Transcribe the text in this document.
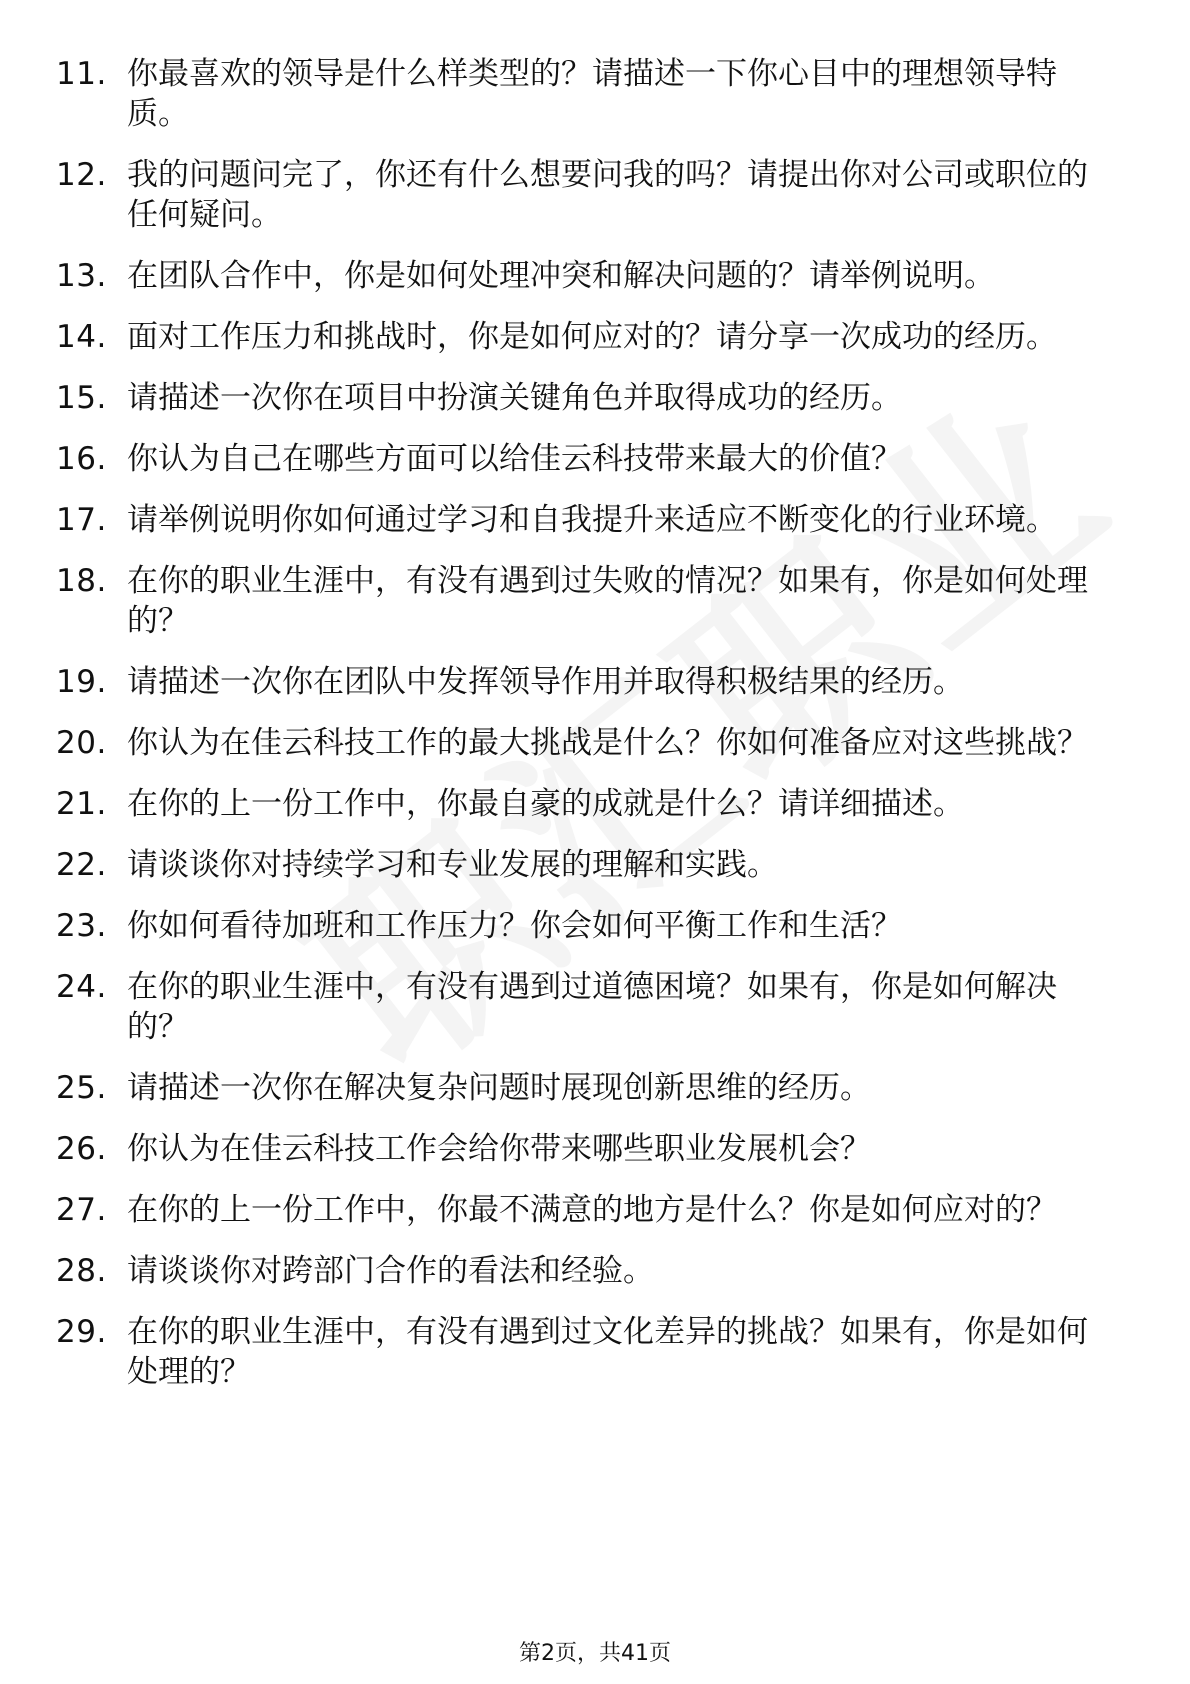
11. 你最喜欢的领导是什么样类型的？请描述一下你心目中的理想领导特质。
12. 我的问题问完了，你还有什么想要问我的吗？请提出你对公司或职位的任何疑问。
13. 在团队合作中，你是如何处理冲突和解决问题的？请举例说明。
14. 面对工作压力和挑战时，你是如何应对的？请分享一次成功的经历。
15. 请描述一次你在项目中扮演关键角色并取得成功的经历。
16. 你认为自己在哪些方面可以给佳云科技带来最大的价值？
17. 请举例说明你如何通过学习和自我提升来适应不断变化的行业环境。
18. 在你的职业生涯中，有没有遇到过失败的情况？如果有，你是如何处理的？
19. 请描述一次你在团队中发挥领导作用并取得积极结果的经历。
20. 你认为在佳云科技工作的最大挑战是什么？你如何准备应对这些挑战？
21. 在你的上一份工作中，你最自豪的成就是什么？请详细描述。
22. 请谈谈你对持续学习和专业发展的理解和实践。
23. 你如何看待加班和工作压力？你会如何平衡工作和生活？
24. 在你的职业生涯中，有没有遇到过道德困境？如果有，你是如何解决的？
25. 请描述一次你在解决复杂问题时展现创新思维的经历。
26. 你认为在佳云科技工作会给你带来哪些职业发展机会？
27. 在你的上一份工作中，你最不满意的地方是什么？你是如何应对的？
28. 请谈谈你对跨部门合作的看法和经验。
29. 在你的职业生涯中，有没有遇到过文化差异的挑战？如果有，你是如何处理的？
第2页，共41页
